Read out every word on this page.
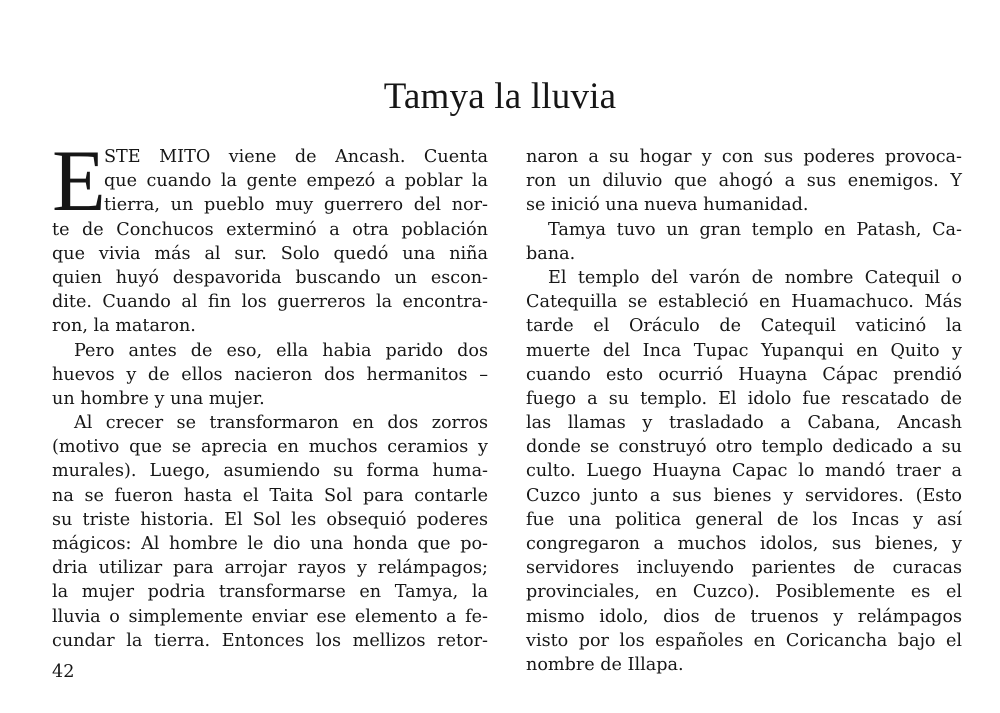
Tamya la lluvia
E
STE MITO viene de Ancash. Cuenta
que cuando la gente empezó a poblar la
tierra, un pueblo muy guerrero del nor-
te de Conchucos exterminó a otra población
que vivia más al sur. Solo quedó una niña
quien huyó despavorida buscando un escon-
dite. Cuando al fin los guerreros la encontra-
ron, la mataron.
Pero antes de eso, ella habia parido dos
huevos y de ellos nacieron dos hermanitos –
un hombre y una mujer.
Al crecer se transformaron en dos zorros
(motivo que se aprecia en muchos ceramios y
murales). Luego, asumiendo su forma huma-
na se fueron hasta el Taita Sol para contarle
su triste historia. El Sol les obsequió poderes
mágicos: Al hombre le dio una honda que po-
dria utilizar para arrojar rayos y relámpagos;
la mujer podria transformarse en Tamya, la
lluvia o simplemente enviar ese elemento a fe-
cundar la tierra. Entonces los mellizos retor-
naron a su hogar y con sus poderes provoca-
ron un diluvio que ahogó a sus enemigos. Y
se inició una nueva humanidad.
Tamya tuvo un gran templo en Patash, Ca-
bana.
El templo del varón de nombre Catequil o
Catequilla se estableció en Huamachuco. Más
tarde el Oráculo de Catequil vaticinó la
muerte del Inca Tupac Yupanqui en Quito y
cuando esto ocurrió Huayna Cápac prendió
fuego a su templo. El idolo fue rescatado de
las llamas y trasladado a Cabana, Ancash
donde se construyó otro templo dedicado a su
culto. Luego Huayna Capac lo mandó traer a
Cuzco junto a sus bienes y servidores. (Esto
fue una politica general de los Incas y así
congregaron a muchos idolos, sus bienes, y
servidores incluyendo parientes de curacas
provinciales, en Cuzco). Posiblemente es el
mismo idolo, dios de truenos y relámpagos
visto por los españoles en Coricancha bajo el
nombre de Illapa.
42
